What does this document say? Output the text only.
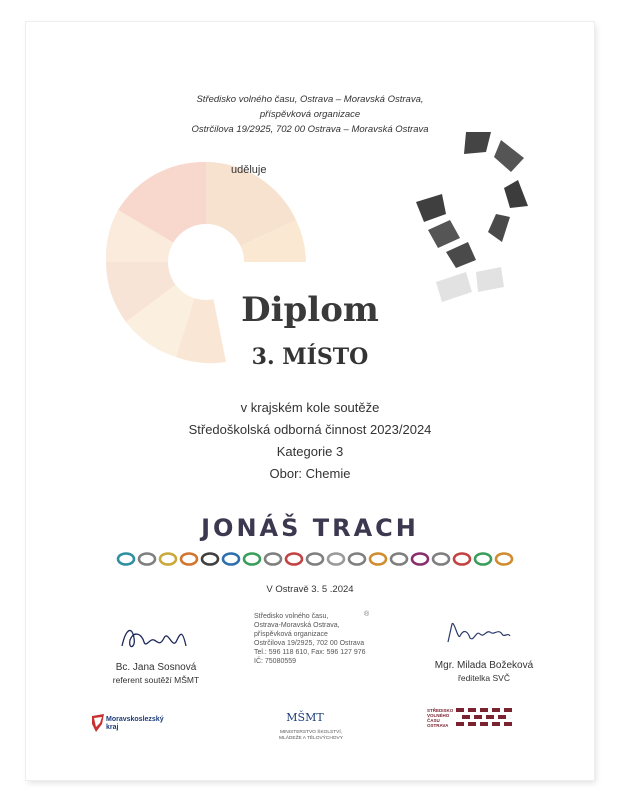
Středisko volného času, Ostrava – Moravská Ostrava,
příspěvková organizace
Ostrčilova 19/2925, 702 00 Ostrava – Moravská Ostrava
uděluje
Diplom
3. MÍSTO
v krajském kole soutěže
Středoškolská odborná činnost 2023/2024
Kategorie 3
Obor: Chemie
JONÁŠ TRACH
V Ostravě 3. 5 .2024
Středisko volného času,
Ostrava-Moravská Ostrava,
příspěvková organizace
Ostrčilova 19/2925, 702 00 Ostrava
Tel.: 596 118 610, Fax: 596 127 976
IČ: 75080559
®
Bc. Jana Sosnová
referent soutěží MŠMT
Mgr. Milada Božeková
ředitelka SVČ
Moravskoslezský kraj
MŠMT
MINISTERSTVO ŠKOLSTVÍ,
MLÁDEŽE A TĚLOVÝCHOVY
STŘEDISKO
VOLNÉHO
ČASU
OSTRAVA
